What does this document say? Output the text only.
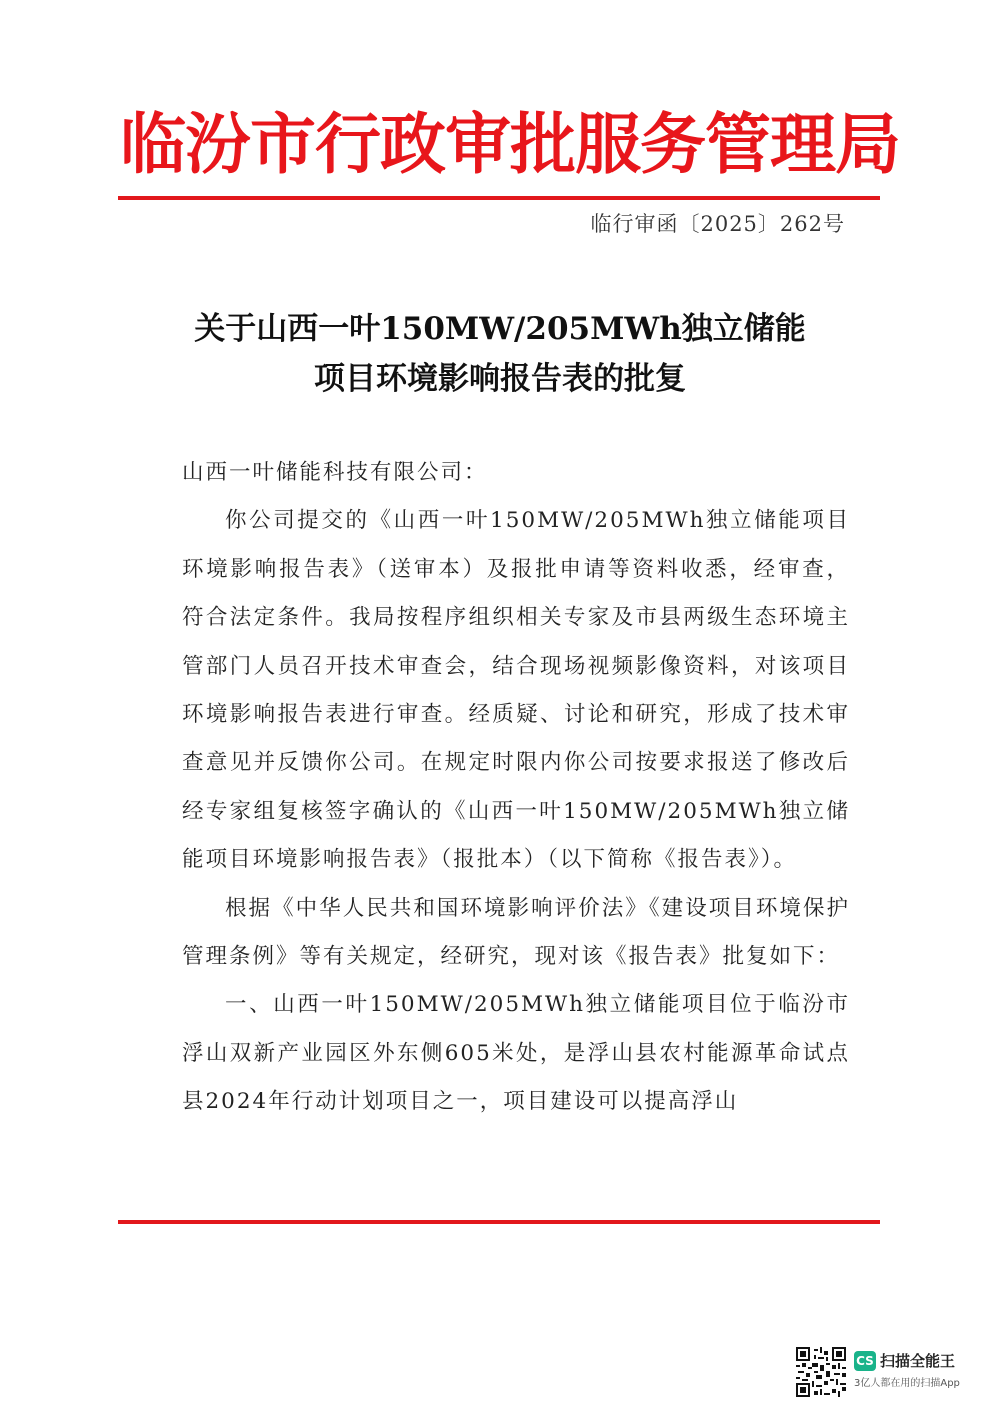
临汾市行政审批服务管理局
临行审函〔2025〕262号
关于山西一叶150MW/205MWh独立储能
项目环境影响报告表的批复

山西一叶储能科技有限公司：

你公司提交的《山西一叶150MW/205MWh独立储能项目环境影响报告表》（送审本）及报批申请等资料收悉，经审查，符合法定条件。我局按程序组织相关专家及市县两级生态环境主管部门人员召开技术审查会，结合现场视频影像资料，对该项目环境影响报告表进行审查。经质疑、讨论和研究，形成了技术审查意见并反馈你公司。在规定时限内你公司按要求报送了修改后经专家组复核签字确认的《山西一叶150MW/205MWh独立储能项目环境影响报告表》（报批本）（以下简称《报告表》）。

根据《中华人民共和国环境影响评价法》《建设项目环境保护管理条例》等有关规定，经研究，现对该《报告表》批复如下：

一、山西一叶150MW/205MWh独立储能项目位于临汾市浮山双新产业园区外东侧605米处，是浮山县农村能源革命试点县2024年行动计划项目之一，项目建设可以提高浮山

CS 扫描全能王
3亿人都在用的扫描App
